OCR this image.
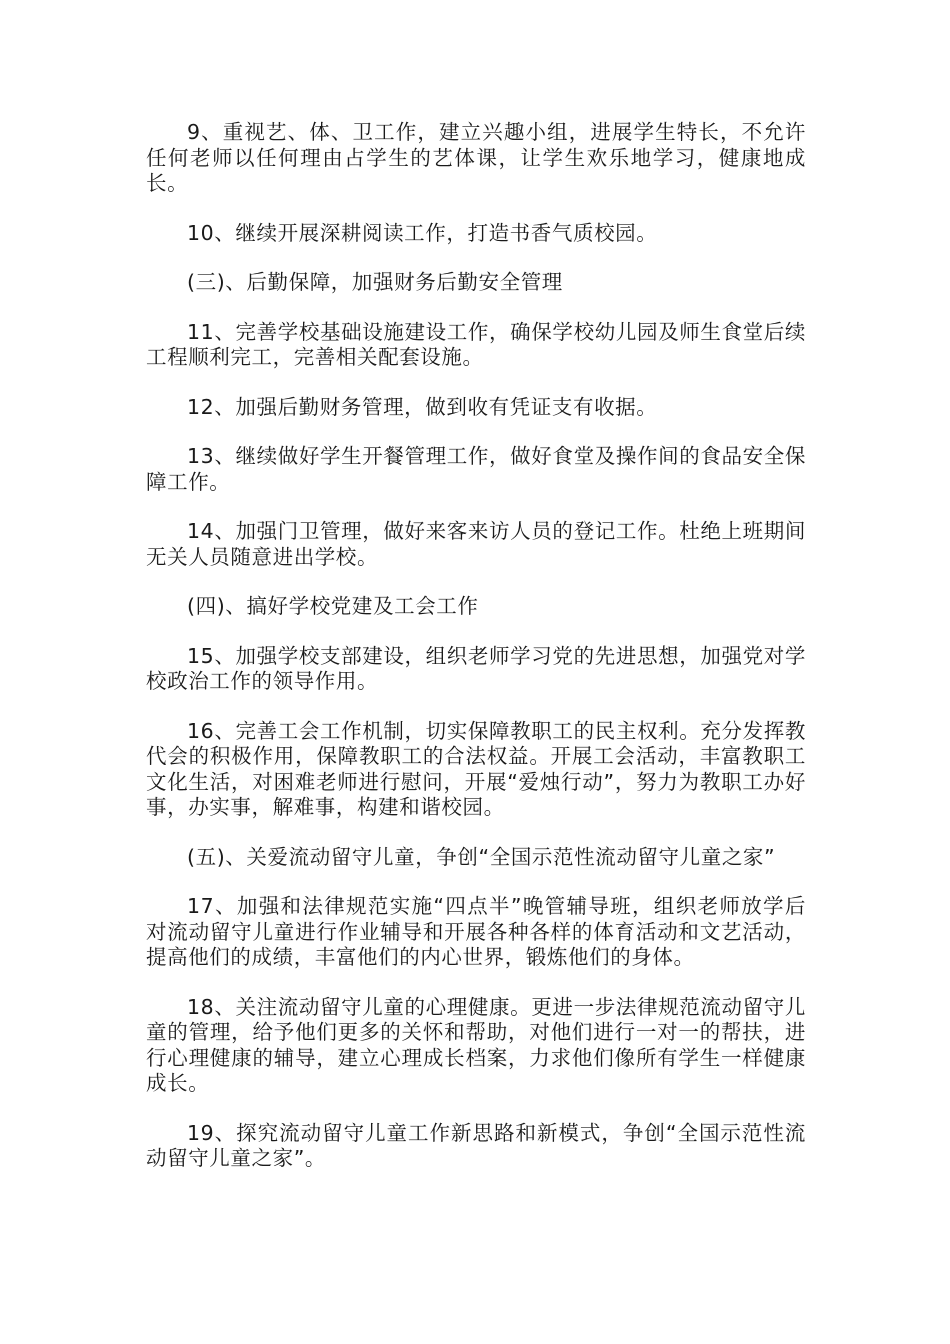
9、重视艺、体、卫工作，建立兴趣小组，进展学生特长，不允许任何老师以任何理由占学生的艺体课，让学生欢乐地学习，健康地成长。

10、继续开展深耕阅读工作，打造书香气质校园。

(三)、后勤保障，加强财务后勤安全管理

11、完善学校基础设施建设工作，确保学校幼儿园及师生食堂后续工程顺利完工，完善相关配套设施。

12、加强后勤财务管理，做到收有凭证支有收据。

13、继续做好学生开餐管理工作，做好食堂及操作间的食品安全保障工作。

14、加强门卫管理，做好来客来访人员的登记工作。杜绝上班期间无关人员随意进出学校。

(四)、搞好学校党建及工会工作

15、加强学校支部建设，组织老师学习党的先进思想，加强党对学校政治工作的领导作用。

16、完善工会工作机制，切实保障教职工的民主权利。充分发挥教代会的积极作用，保障教职工的合法权益。开展工会活动，丰富教职工文化生活，对困难老师进行慰问，开展“爱烛行动”，努力为教职工办好事，办实事，解难事，构建和谐校园。

(五)、关爱流动留守儿童，争创“全国示范性流动留守儿童之家”

17、加强和法律规范实施“四点半”晚管辅导班，组织老师放学后对流动留守儿童进行作业辅导和开展各种各样的体育活动和文艺活动，提高他们的成绩，丰富他们的内心世界，锻炼他们的身体。

18、关注流动留守儿童的心理健康。更进一步法律规范流动留守儿童的管理，给予他们更多的关怀和帮助，对他们进行一对一的帮扶，进行心理健康的辅导，建立心理成长档案，力求他们像所有学生一样健康成长。

19、探究流动留守儿童工作新思路和新模式，争创“全国示范性流动留守儿童之家”。
